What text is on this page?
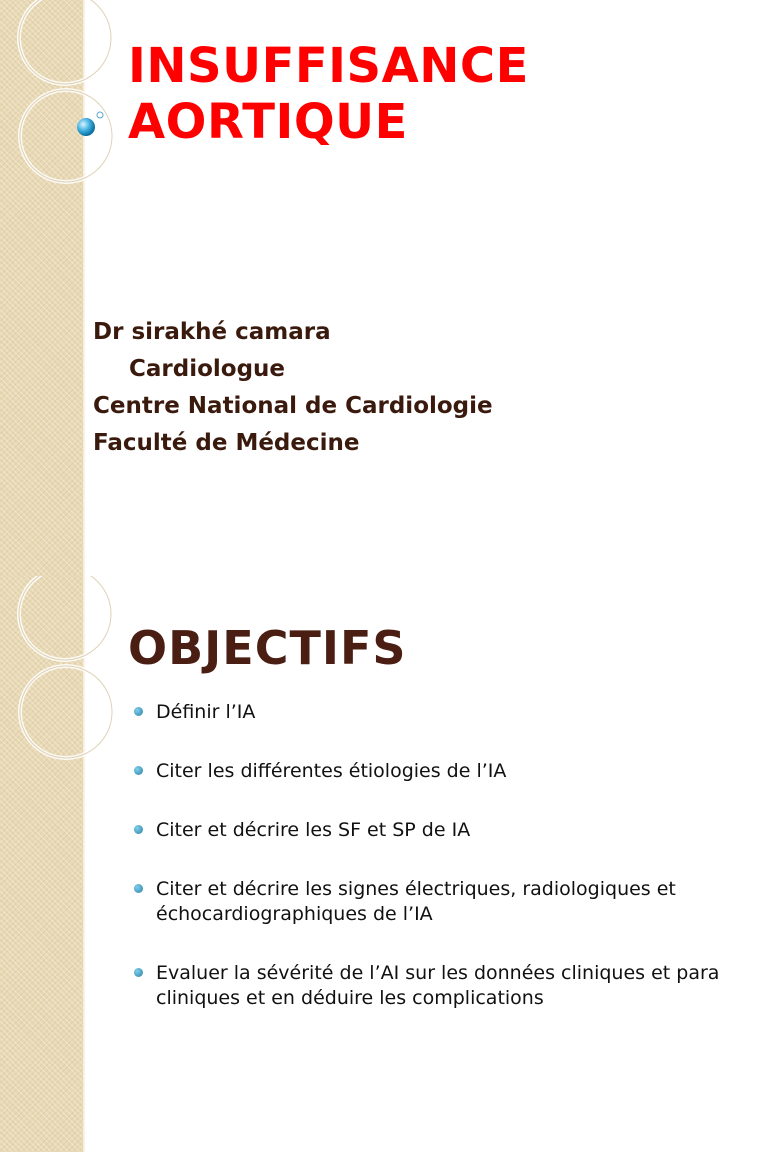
INSUFFISANCE
AORTIQUE
Dr sirakhé camara
Cardiologue
Centre National de Cardiologie
Faculté de Médecine
OBJECTIFS
Définir l’IA
Citer les différentes étiologies de l’IA
Citer et décrire les SF et SP de IA
Citer et décrire les signes électriques, radiologiques et échocardiographiques de l’IA
Evaluer la sévérité de l’AI sur les données cliniques et para cliniques et en déduire les complications
